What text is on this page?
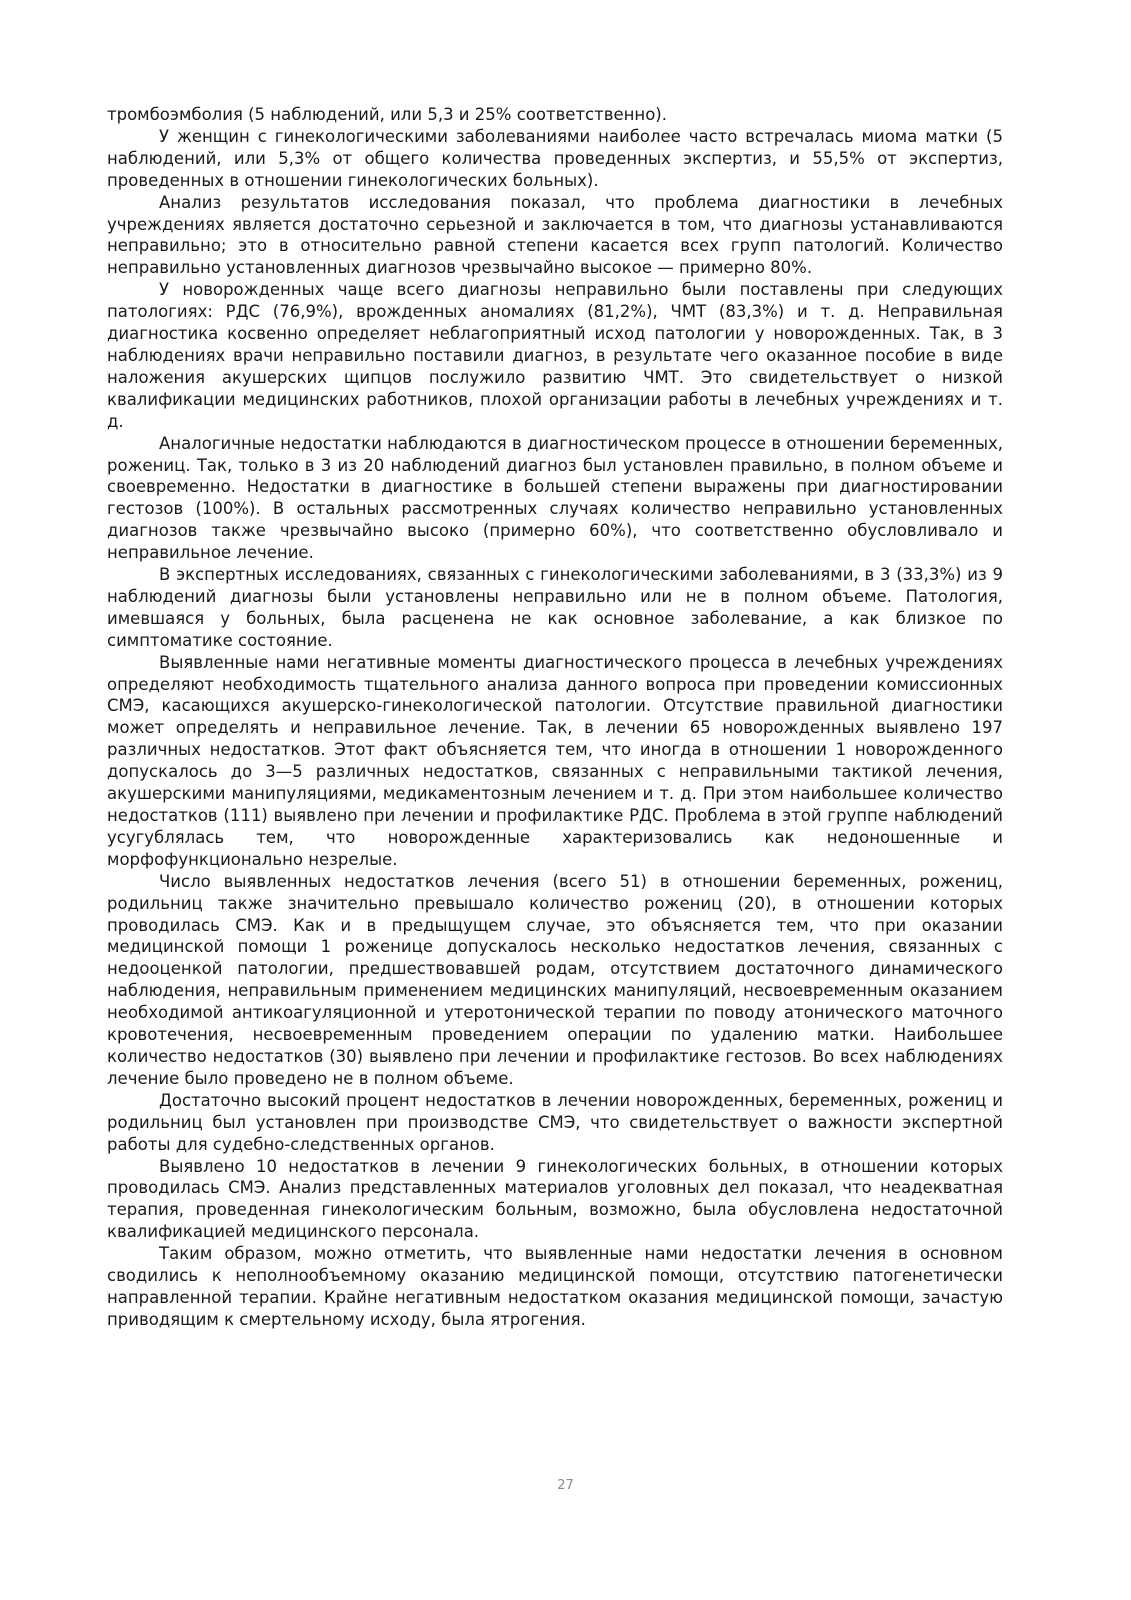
тромбоэмболия (5 наблюдений, или 5,3 и 25% соответственно).

У женщин с гинекологическими заболеваниями наиболее часто встречалась миома матки (5 наблюдений, или 5,3% от общего количества проведенных экспертиз, и 55,5% от экспертиз, проведенных в отношении гинекологических больных).

Анализ результатов исследования показал, что проблема диагностики в лечебных учреждениях является достаточно серьезной и заключается в том, что диагнозы устанавливаются неправильно; это в относительно равной степени касается всех групп патологий. Количество неправильно установленных диагнозов чрезвычайно высокое — примерно 80%.

У новорожденных чаще всего диагнозы неправильно были поставлены при следующих патологиях: РДС (76,9%), врожденных аномалиях (81,2%), ЧМТ (83,3%) и т. д. Неправильная диагностика косвенно определяет неблагоприятный исход патологии у новорожденных. Так, в 3 наблюдениях врачи неправильно поставили диагноз, в результате чего оказанное пособие в виде наложения акушерских щипцов послужило развитию ЧМТ. Это свидетельствует о низкой квалификации медицинских работников, плохой организации работы в лечебных учреждениях и т. д.

Аналогичные недостатки наблюдаются в диагностическом процессе в отношении беременных, рожениц. Так, только в 3 из 20 наблюдений диагноз был установлен правильно, в полном объеме и своевременно. Недостатки в диагностике в большей степени выражены при диагностировании гестозов (100%). В остальных рассмотренных случаях количество неправильно установленных диагнозов также чрезвычайно высоко (примерно 60%), что соответственно обусловливало и неправильное лечение.

В экспертных исследованиях, связанных с гинекологическими заболеваниями, в 3 (33,3%) из 9 наблюдений диагнозы были установлены неправильно или не в полном объеме. Патология, имевшаяся у больных, была расценена не как основное заболевание, а как близкое по симптоматике состояние.

Выявленные нами негативные моменты диагностического процесса в лечебных учреждениях определяют необходимость тщательного анализа данного вопроса при проведении комиссионных СМЭ, касающихся акушерско-гинекологической патологии. Отсутствие правильной диагностики может определять и неправильное лечение. Так, в лечении 65 новорожденных выявлено 197 различных недостатков. Этот факт объясняется тем, что иногда в отношении 1 новорожденного допускалось до 3—5 различных недостатков, связанных с неправильными тактикой лечения, акушерскими манипуляциями, медикаментозным лечением и т. д. При этом наибольшее количество недостатков (111) выявлено при лечении и профилактике РДС. Проблема в этой группе наблюдений усугублялась тем, что новорожденные характеризовались как недоношенные и морфофункционально незрелые.

Число выявленных недостатков лечения (всего 51) в отношении беременных, рожениц, родильниц также значительно превышало количество рожениц (20), в отношении которых проводилась СМЭ. Как и в предыщущем случае, это объясняется тем, что при оказании медицинской помощи 1 роженице допускалось несколько недостатков лечения, связанных с недооценкой патологии, предшествовавшей родам, отсутствием достаточного динамического наблюдения, неправильным применением медицинских манипуляций, несвоевременным оказанием необходимой антикоагуляционной и утеротонической терапии по поводу атонического маточного кровотечения, несвоевременным проведением операции по удалению матки. Наибольшее количество недостатков (30) выявлено при лечении и профилактике гестозов. Во всех наблюдениях лечение было проведено не в полном объеме.

Достаточно высокий процент недостатков в лечении новорожденных, беременных, рожениц и родильниц был установлен при производстве СМЭ, что свидетельствует о важности экспертной работы для судебно-следственных органов.

Выявлено 10 недостатков в лечении 9 гинекологических больных, в отношении которых проводилась СМЭ. Анализ представленных материалов уголовных дел показал, что неадекватная терапия, проведенная гинекологическим больным, возможно, была обусловлена недостаточной квалификацией медицинского персонала.

Таким образом, можно отметить, что выявленные нами недостатки лечения в основном сводились к неполнообъемному оказанию медицинской помощи, отсутствию патогенетически направленной терапии. Крайне негативным недостатком оказания медицинской помощи, зачастую приводящим к смертельному исходу, была ятрогения.

27
